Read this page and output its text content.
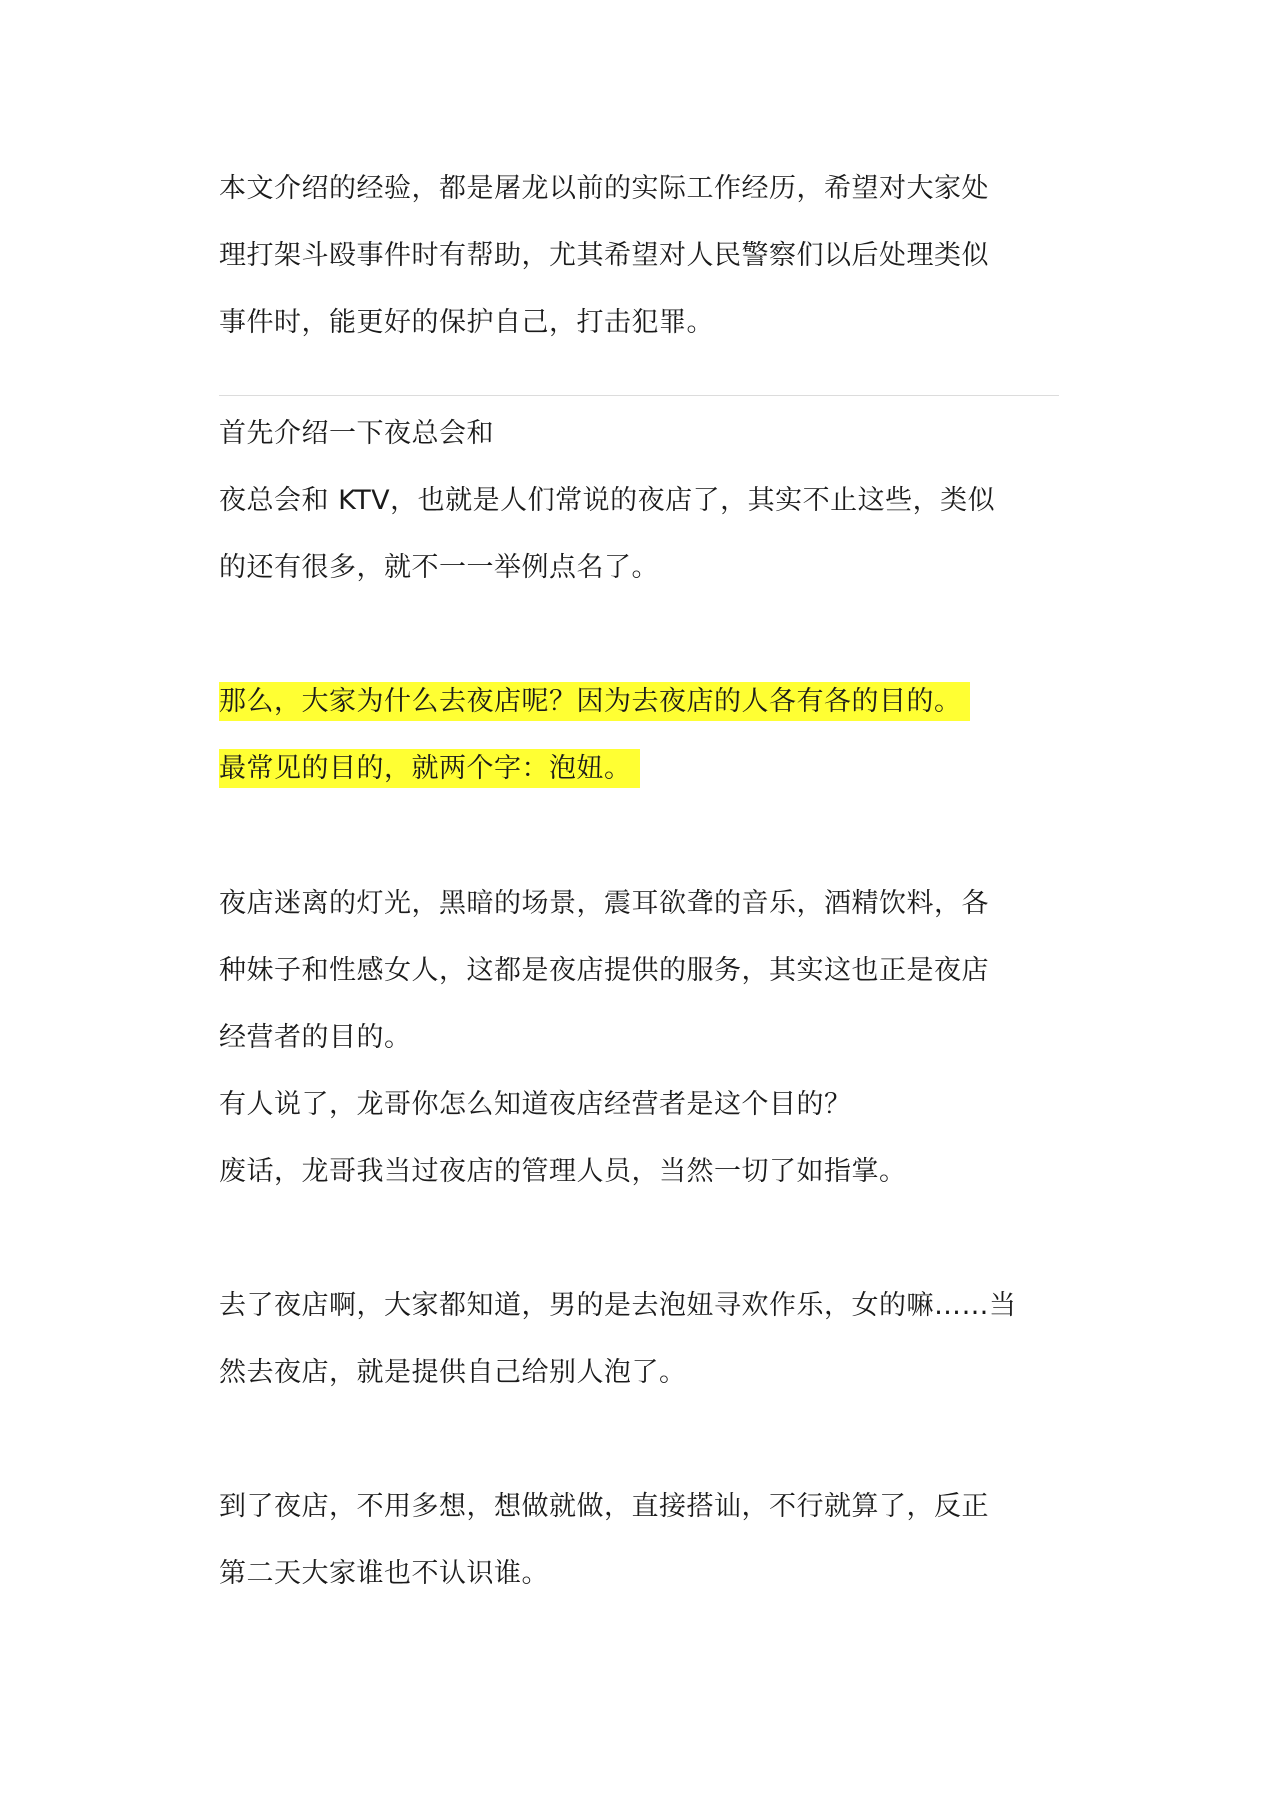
本文介绍的经验，都是屠龙以前的实际工作经历，希望对大家处
理打架斗殴事件时有帮助，尤其希望对人民警察们以后处理类似
事件时，能更好的保护自己，打击犯罪。
首先介绍一下夜总会和
夜总会和 KTV，也就是人们常说的夜店了，其实不止这些，类似
的还有很多，就不一一举例点名了。
那么，大家为什么去夜店呢？因为去夜店的人各有各的目的。
最常见的目的，就两个字：泡妞。
夜店迷离的灯光，黑暗的场景，震耳欲聋的音乐，酒精饮料，各
种妹子和性感女人，这都是夜店提供的服务，其实这也正是夜店
经营者的目的。
有人说了，龙哥你怎么知道夜店经营者是这个目的？
废话，龙哥我当过夜店的管理人员，当然一切了如指掌。
去了夜店啊，大家都知道，男的是去泡妞寻欢作乐，女的嘛……当
然去夜店，就是提供自己给别人泡了。
到了夜店，不用多想，想做就做，直接搭讪，不行就算了，反正
第二天大家谁也不认识谁。
